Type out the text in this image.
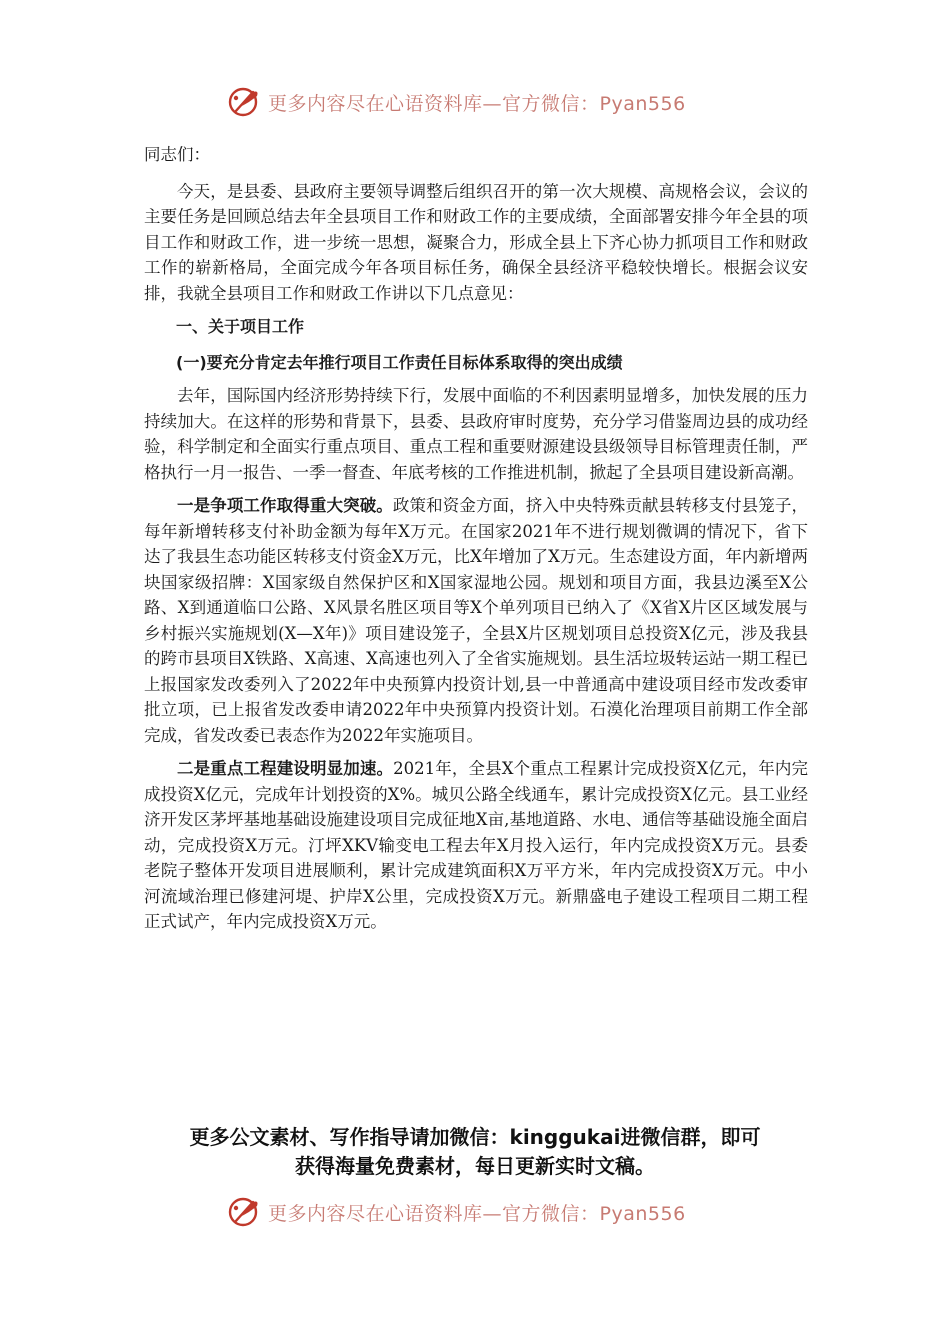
更多内容尽在心语资料库—官方微信：Pyan556

同志们：

今天，是县委、县政府主要领导调整后组织召开的第一次大规模、高规格会议，会议的主要任务是回顾总结去年全县项目工作和财政工作的主要成绩，全面部署安排今年全县的项目工作和财政工作，进一步统一思想，凝聚合力，形成全县上下齐心协力抓项目工作和财政工作的崭新格局，全面完成今年各项目标任务，确保全县经济平稳较快增长。根据会议安排，我就全县项目工作和财政工作讲以下几点意见：

一、关于项目工作

(一)要充分肯定去年推行项目工作责任目标体系取得的突出成绩

去年，国际国内经济形势持续下行，发展中面临的不利因素明显增多，加快发展的压力持续加大。在这样的形势和背景下，县委、县政府审时度势，充分学习借鉴周边县的成功经验，科学制定和全面实行重点项目、重点工程和重要财源建设县级领导目标管理责任制，严格执行一月一报告、一季一督查、年底考核的工作推进机制，掀起了全县项目建设新高潮。

一是争项工作取得重大突破。政策和资金方面，挤入中央特殊贡献县转移支付县笼子，每年新增转移支付补助金额为每年X万元。在国家2021年不进行规划微调的情况下，省下达了我县生态功能区转移支付资金X万元，比X年增加了X万元。生态建设方面，年内新增两块国家级招牌：X国家级自然保护区和X国家湿地公园。规划和项目方面，我县边溪至X公路、X到通道临口公路、X风景名胜区项目等X个单列项目已纳入了《X省X片区区域发展与乡村振兴实施规划(X—X年)》项目建设笼子，全县X片区规划项目总投资X亿元，涉及我县的跨市县项目X铁路、X高速、X高速也列入了全省实施规划。县生活垃圾转运站一期工程已上报国家发改委列入了2022年中央预算内投资计划,县一中普通高中建设项目经市发改委审批立项，已上报省发改委申请2022年中央预算内投资计划。石漠化治理项目前期工作全部完成，省发改委已表态作为2022年实施项目。

二是重点工程建设明显加速。2021年，全县X个重点工程累计完成投资X亿元，年内完成投资X亿元，完成年计划投资的X%。城贝公路全线通车，累计完成投资X亿元。县工业经济开发区茅坪基地基础设施建设项目完成征地X亩,基地道路、水电、通信等基础设施全面启动，完成投资X万元。汀坪XKV输变电工程去年X月投入运行，年内完成投资X万元。县委老院子整体开发项目进展顺利，累计完成建筑面积X万平方米，年内完成投资X万元。中小河流域治理已修建河堤、护岸X公里，完成投资X万元。新鼎盛电子建设工程项目二期工程正式试产，年内完成投资X万元。

更多公文素材、写作指导请加微信：kinggukai进微信群，即可
获得海量免费素材，每日更新实时文稿。
更多内容尽在心语资料库—官方微信：Pyan556
